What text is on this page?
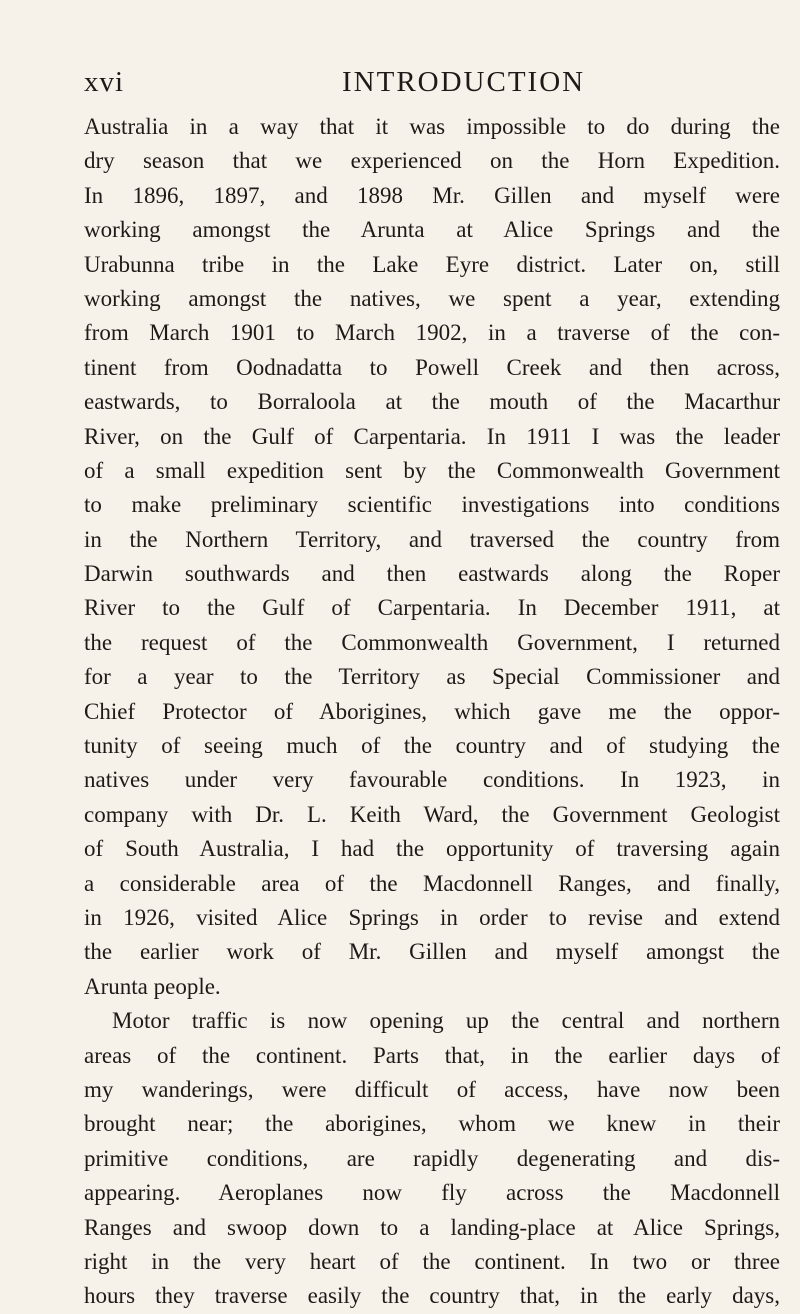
xvi	INTRODUCTION
Australia in a way that it was impossible to do during the
dry season that we experienced on the Horn Expedition.
In 1896, 1897, and 1898 Mr. Gillen and myself were
working amongst the Arunta at Alice Springs and the
Urabunna tribe in the Lake Eyre district. Later on, still
working amongst the natives, we spent a year, extending
from March 1901 to March 1902, in a traverse of the con-
tinent from Oodnadatta to Powell Creek and then across,
eastwards, to Borraloola at the mouth of the Macarthur
River, on the Gulf of Carpentaria. In 1911 I was the leader
of a small expedition sent by the Commonwealth Government
to make preliminary scientific investigations into conditions
in the Northern Territory, and traversed the country from
Darwin southwards and then eastwards along the Roper
River to the Gulf of Carpentaria. In December 1911, at
the request of the Commonwealth Government, I returned
for a year to the Territory as Special Commissioner and
Chief Protector of Aborigines, which gave me the oppor-
tunity of seeing much of the country and of studying the
natives under very favourable conditions. In 1923, in
company with Dr. L. Keith Ward, the Government Geologist
of South Australia, I had the opportunity of traversing again
a considerable area of the Macdonnell Ranges, and finally,
in 1926, visited Alice Springs in order to revise and extend
the earlier work of Mr. Gillen and myself amongst the
Arunta people.
Motor traffic is now opening up the central and northern
areas of the continent. Parts that, in the earlier days of
my wanderings, were difficult of access, have now been
brought near; the aborigines, whom we knew in their
primitive conditions, are rapidly degenerating and dis-
appearing. Aeroplanes now fly across the Macdonnell
Ranges and swoop down to a landing-place at Alice Springs,
right in the very heart of the continent. In two or three
hours they traverse easily the country that, in the early days,
